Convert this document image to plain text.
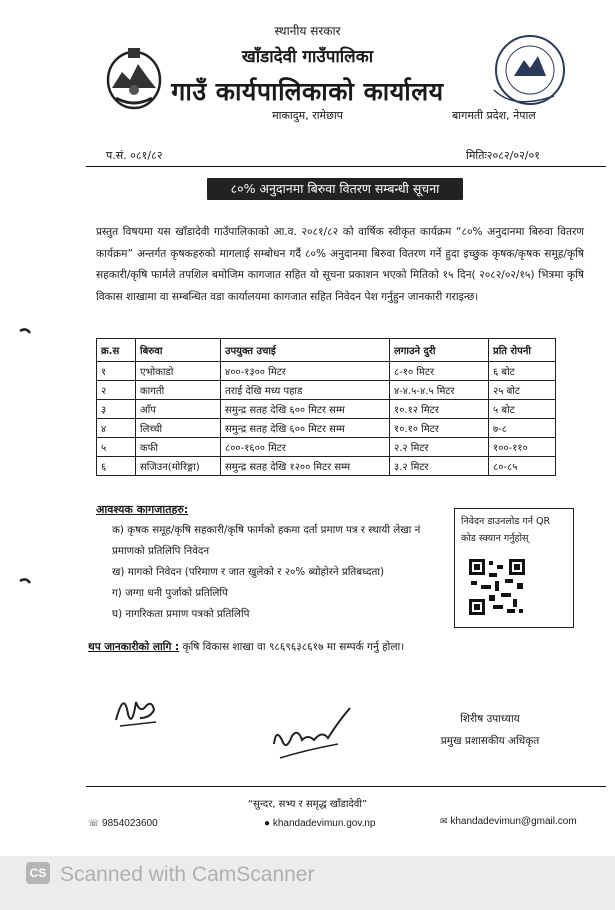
स्थानीय सरकार
खाँडादेवी गाउँपालिका
गाउँ कार्यपालिकाको कार्यालय
माकादुम, रामेछाप	बागमती प्रदेश, नेपाल
प.सं. ०८१/८२	मितिः२०८२/०२/०१
८०% अनुदानमा बिरुवा वितरण सम्बन्धी सूचना
प्रस्तुत विषयमा यस खाँडादेवी गाउँपालिकाको आ.व. २०८१/८२ को वार्षिक स्वीकृत कार्यक्रम “८०% अनुदानमा बिरुवा वितरण कार्यक्रम” अन्तर्गत कृषकहरुको मागलाई सम्बोधन गर्दै ८०% अनुदानमा बिरुवा वितरण गर्ने हुदा इच्छुक कृषक/कृषक समूह/कृषि सहकारी/कृषि फार्मले तपशिल बमोजिम कागजात सहित यो सूचना प्रकाशन भएको मितिको १५ दिन( २०८२/०२/१५) भित्रमा कृषि विकास शाखामा वा सम्बन्धित वडा कार्यालयमा कागजात सहित निवेदन पेश गर्नुहुन जानकारी गराइन्छ।
क्र.स	बिरुवा	उपयुक्त उचाई	लगाउने दुरी	प्रति रोपनी
१	एभोकाडो	४००-१३०० मिटर	८-१० मिटर	६ बोट
२	कागती	तराई देखि मध्य पहाड	४-४.५-४.५ मिटर	२५ बोट
३	आँप	समुन्द्र सतह देखि ६०० मिटर सम्म	१०.१२ मिटर	५ बोट
४	लिच्ची	समुन्द्र सतह देखि ६०० मिटर सम्म	१०.१० मिटर	७-८
५	कफी	८००-१६०० मिटर	२.२ मिटर	१००-११०
६	सजिउन(मोरिङ्गा)	समुन्द्र सतह देखि १२०० मिटर सम्म	३.२ मिटर	८०-८५
आवश्यक कागजातहरु:
क) कृषक समूह/कृषि सहकारी/कृषि फार्मको हकमा दर्ता प्रमाण पत्र र स्थायी लेखा नं प्रमाणको प्रतिलिपि निवेदन
ख) मागको निवेदन (परिमाण र जात खुलेको र २०% ब्योहोरने प्रतिबध्दता)
ग) जग्गा धनी पुर्जाको प्रतिलिपि
घ) नागरिकता प्रमाण पत्रको प्रतिलिपि
निवेदन डाउनलोड गर्न QR कोड स्क्यान गर्नुहोस्
थप जानकारीको लागि : कृषि विकास शाखा वा ९८६९६३८६१७ मा सम्पर्क गर्नु होला।
शिरीष उपाध्याय
प्रमुख प्रशासकीय अधिकृत
“सुन्दर, सभ्य र समृद्ध खाँडादेवी”
☏ 9854023600	● khandadevimun.gov.np	✉ khandadevimun@gmail.com
CS Scanned with CamScanner
